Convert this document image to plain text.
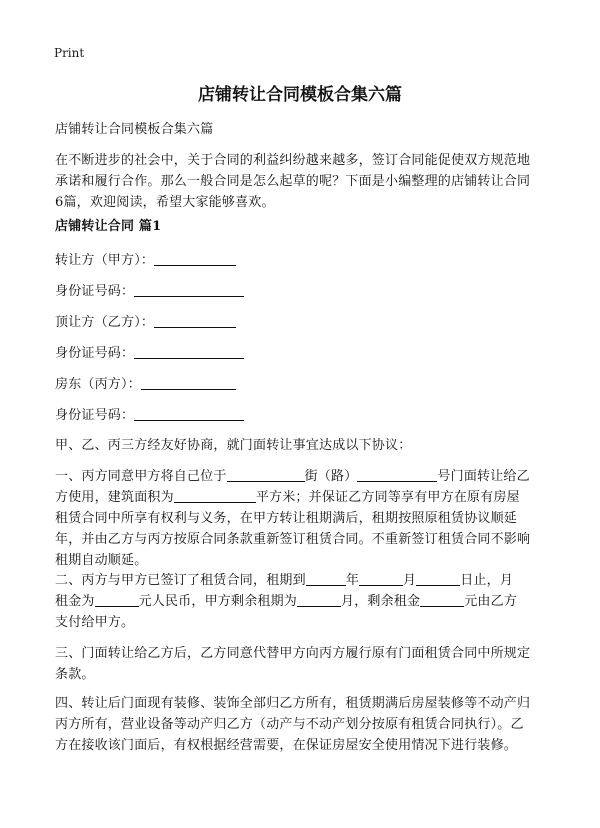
Print
店铺转让合同模板合集六篇
店铺转让合同模板合集六篇
在不断进步的社会中，关于合同的利益纠纷越来越多，签订合同能促使双方规范地
承诺和履行合作。那么一般合同是怎么起草的呢？下面是小编整理的店铺转让合同
6篇，欢迎阅读，希望大家能够喜欢。
店铺转让合同 篇1
转让方（甲方）：
身份证号码：
顶让方（乙方）：
身份证号码：
房东（丙方）：
身份证号码：
甲、乙、丙三方经友好协商，就门面转让事宜达成以下协议：
一、丙方同意甲方将自己位于	街（路）	号门面转让给乙
方使用，建筑面积为	平方米；并保证乙方同等享有甲方在原有房屋
租赁合同中所享有权利与义务，在甲方转让租期满后，租期按照原租赁协议顺延
年，并由乙方与丙方按原合同条款重新签订租赁合同。不重新签订租赁合同不影响
租期自动顺延。
二、丙方与甲方已签订了租赁合同，租期到	年	月	日止，月
租金为	元人民币，甲方剩余租期为	月，剩余租金	元由乙方
支付给甲方。
三、门面转让给乙方后，乙方同意代替甲方向丙方履行原有门面租赁合同中所规定
条款。
四、转让后门面现有装修、装饰全部归乙方所有，租赁期满后房屋装修等不动产归
丙方所有，营业设备等动产归乙方（动产与不动产划分按原有租赁合同执行）。乙
方在接收该门面后，有权根据经营需要，在保证房屋安全使用情况下进行装修。
